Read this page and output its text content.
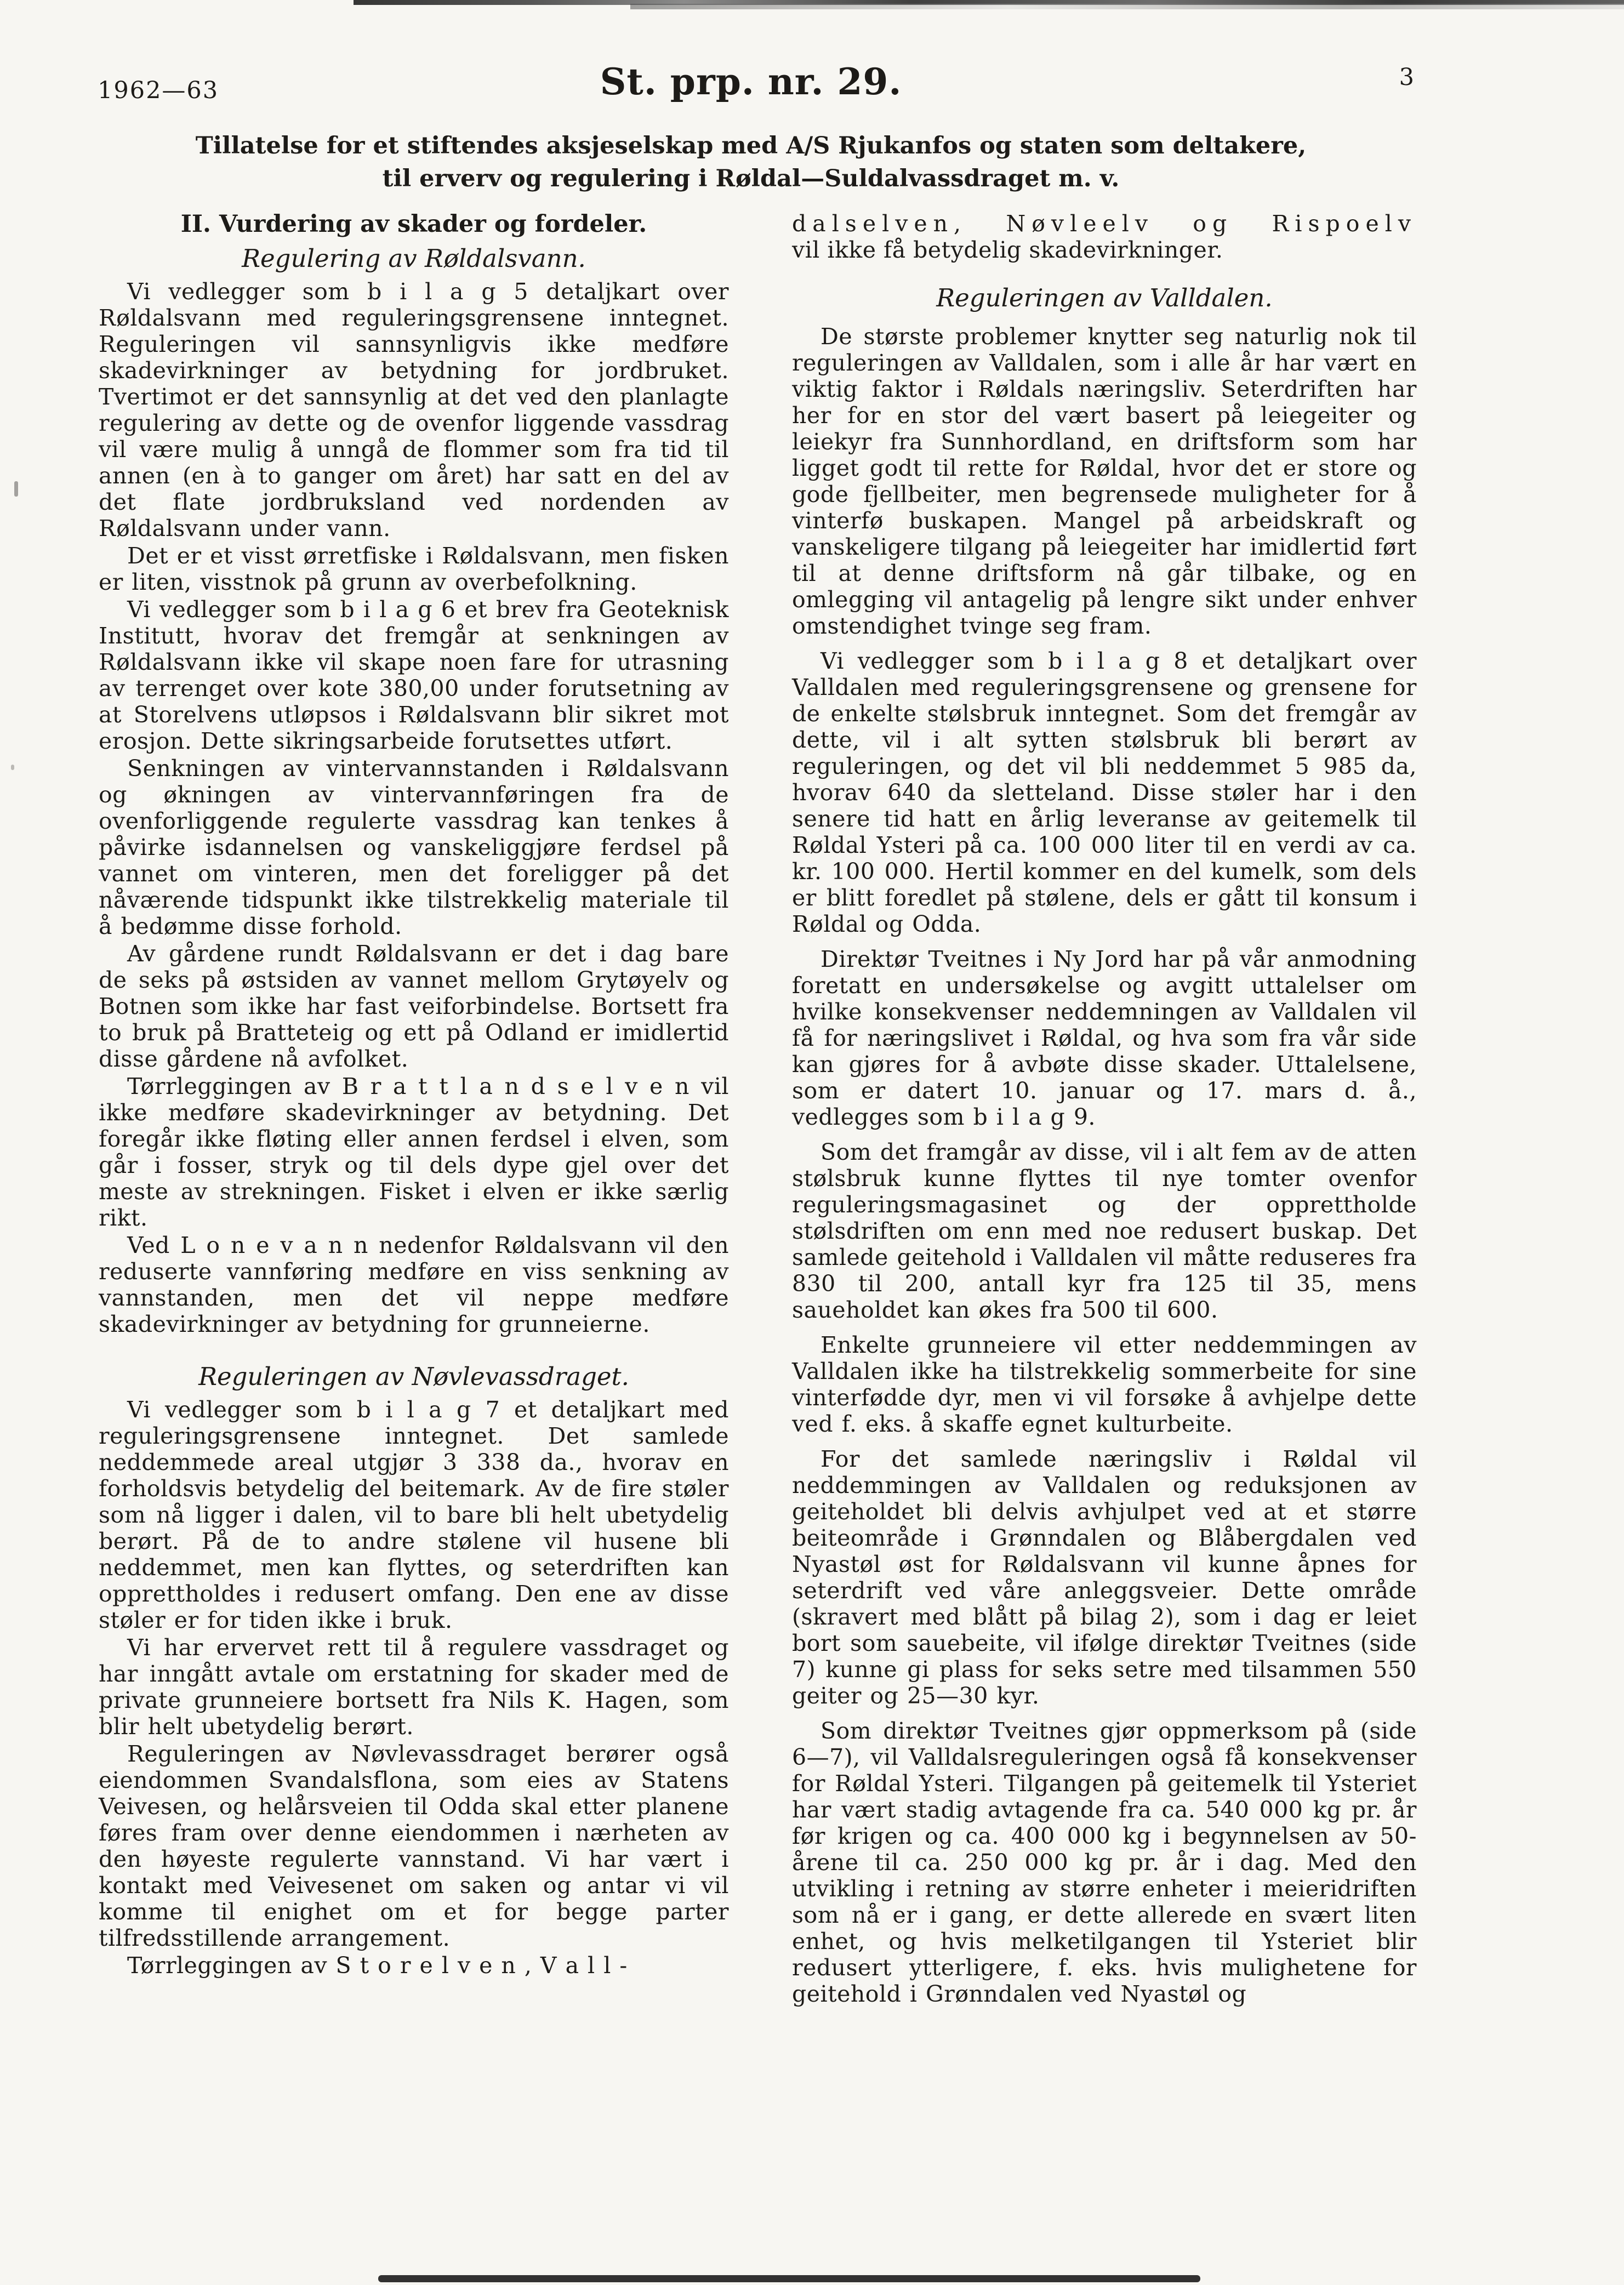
1962—63	St. prp. nr. 29.	3

Tillatelse for et stiftendes aksjeselskap med A/S Rjukanfos og staten som deltakere,
til erverv og regulering i Røldal—Suldalvassdraget m. v.

II. Vurdering av skader og fordeler.
Regulering av Røldalsvann.

Vi vedlegger som b i l a g 5 detaljkart over Røldalsvann med reguleringsgrensene inntegnet. Reguleringen vil sannsynligvis ikke medføre skadevirkninger av betydning for jordbruket. Tvertimot er det sannsynlig at det ved den planlagte regulering av dette og de ovenfor liggende vassdrag vil være mulig å unngå de flommer som fra tid til annen (en à to ganger om året) har satt en del av det flate jordbruksland ved nordenden av Røldalsvann under vann.

Det er et visst ørretfiske i Røldalsvann, men fisken er liten, visstnok på grunn av overbefolkning.

Vi vedlegger som b i l a g 6 et brev fra Geoteknisk Institutt, hvorav det fremgår at senkningen av Røldalsvann ikke vil skape noen fare for utrasning av terrenget over kote 380,00 under forutsetning av at Storelvens utløpsos i Røldalsvann blir sikret mot erosjon. Dette sikringsarbeide forutsettes utført.

Senkningen av vintervannstanden i Røldalsvann og økningen av vintervannføringen fra de ovenforliggende regulerte vassdrag kan tenkes å påvirke isdannelsen og vanskeliggjøre ferdsel på vannet om vinteren, men det foreligger på det nåværende tidspunkt ikke tilstrekkelig materiale til å bedømme disse forhold.

Av gårdene rundt Røldalsvann er det i dag bare de seks på østsiden av vannet mellom Grytøyelv og Botnen som ikke har fast veiforbindelse. Bortsett fra to bruk på Bratteteig og ett på Odland er imidlertid disse gårdene nå avfolket.

Tørrleggingen av B r a t t l a n d s e l v e n vil ikke medføre skadevirkninger av betydning. Det foregår ikke fløting eller annen ferdsel i elven, som går i fosser, stryk og til dels dype gjel over det meste av strekningen. Fisket i elven er ikke særlig rikt.

Ved L o n e v a n n nedenfor Røldalsvann vil den reduserte vannføring medføre en viss senkning av vannstanden, men det vil neppe medføre skadevirkninger av betydning for grunneierne.

Reguleringen av Nøvlevassdraget.

Vi vedlegger som b i l a g 7 et detaljkart med reguleringsgrensene inntegnet. Det samlede neddemmede areal utgjør 3 338 da., hvorav en forholdsvis betydelig del beitemark. Av de fire støler som nå ligger i dalen, vil to bare bli helt ubetydelig berørt. På de to andre stølene vil husene bli neddemmet, men kan flyttes, og seterdriften kan opprettholdes i redusert omfang. Den ene av disse støler er for tiden ikke i bruk.

Vi har ervervet rett til å regulere vassdraget og har inngått avtale om erstatning for skader med de private grunneiere bortsett fra Nils K. Hagen, som blir helt ubetydelig berørt.

Reguleringen av Nøvlevassdraget berører også eiendommen Svandalsflona, som eies av Statens Veivesen, og helårsveien til Odda skal etter planene føres fram over denne eiendommen i nærheten av den høyeste regulerte vannstand. Vi har vært i kontakt med Veivesenet om saken og antar vi vil komme til enighet om et for begge parter tilfredsstillende arrangement.

Tørrleggingen av S t o r e l v e n , V a l l -

dalselven, Nøvleelv og Rispoelv
vil ikke få betydelig skadevirkninger.

Reguleringen av Valldalen.

De største problemer knytter seg naturlig nok til reguleringen av Valldalen, som i alle år har vært en viktig faktor i Røldals næringsliv. Seterdriften har her for en stor del vært basert på leiegeiter og leiekyr fra Sunnhordland, en driftsform som har ligget godt til rette for Røldal, hvor det er store og gode fjellbeiter, men begrensede muligheter for å vinterfø buskapen. Mangel på arbeidskraft og vanskeligere tilgang på leiegeiter har imidlertid ført til at denne driftsform nå går tilbake, og en omlegging vil antagelig på lengre sikt under enhver omstendighet tvinge seg fram.

Vi vedlegger som b i l a g 8 et detaljkart over Valldalen med reguleringsgrensene og grensene for de enkelte stølsbruk inntegnet. Som det fremgår av dette, vil i alt sytten stølsbruk bli berørt av reguleringen, og det vil bli neddemmet 5 985 da, hvorav 640 da sletteland. Disse støler har i den senere tid hatt en årlig leveranse av geitemelk til Røldal Ysteri på ca. 100 000 liter til en verdi av ca. kr. 100 000. Hertil kommer en del kumelk, som dels er blitt foredlet på stølene, dels er gått til konsum i Røldal og Odda.

Direktør Tveitnes i Ny Jord har på vår anmodning foretatt en undersøkelse og avgitt uttalelser om hvilke konsekvenser neddemningen av Valldalen vil få for næringslivet i Røldal, og hva som fra vår side kan gjøres for å avbøte disse skader. Uttalelsene, som er datert 10. januar og 17. mars d. å., vedlegges som b i l a g 9.

Som det framgår av disse, vil i alt fem av de atten stølsbruk kunne flyttes til nye tomter ovenfor reguleringsmagasinet og der opprettholde stølsdriften om enn med noe redusert buskap. Det samlede geitehold i Valldalen vil måtte reduseres fra 830 til 200, antall kyr fra 125 til 35, mens saueholdet kan økes fra 500 til 600.

Enkelte grunneiere vil etter neddemmingen av Valldalen ikke ha tilstrekkelig sommerbeite for sine vinterfødde dyr, men vi vil forsøke å avhjelpe dette ved f. eks. å skaffe egnet kulturbeite.

For det samlede næringsliv i Røldal vil neddemmingen av Valldalen og reduksjonen av geiteholdet bli delvis avhjulpet ved at et større beiteområde i Grønndalen og Blåbergdalen ved Nyastøl øst for Røldalsvann vil kunne åpnes for seterdrift ved våre anleggsveier. Dette område (skravert med blått på bilag 2), som i dag er leiet bort som sauebeite, vil ifølge direktør Tveitnes (side 7) kunne gi plass for seks setre med tilsammen 550 geiter og 25—30 kyr.

Som direktør Tveitnes gjør oppmerksom på (side 6—7), vil Valldalsreguleringen også få konsekvenser for Røldal Ysteri. Tilgangen på geitemelk til Ysteriet har vært stadig avtagende fra ca. 540 000 kg pr. år før krigen og ca. 400 000 kg i begynnelsen av 50-årene til ca. 250 000 kg pr. år i dag. Med den utvikling i retning av større enheter i meieridriften som nå er i gang, er dette allerede en svært liten enhet, og hvis melketilgangen til Ysteriet blir redusert ytterligere, f. eks. hvis mulighetene for geitehold i Grønndalen ved Nyastøl og
